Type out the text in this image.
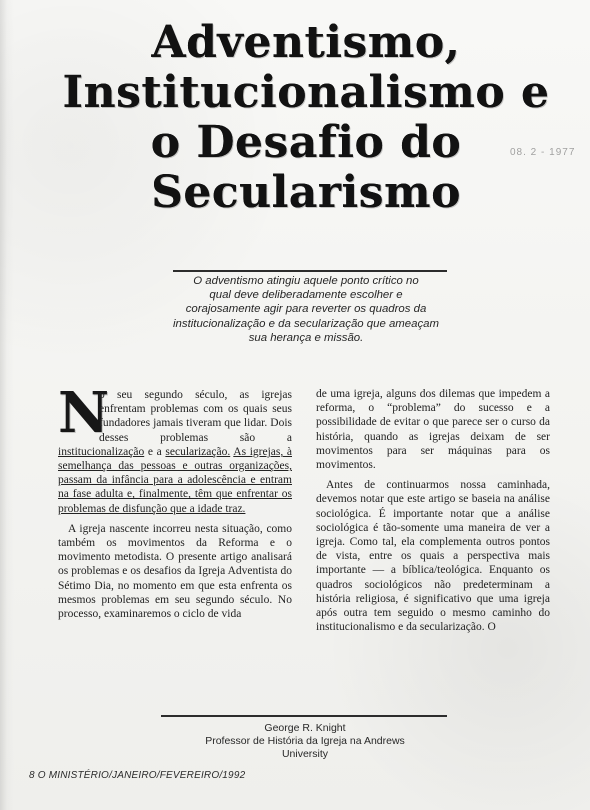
Adventismo,
Institucionalismo e
o Desafio do
Secularismo
08. 2 - 1977
O adventismo atingiu aquele ponto crítico no
qual deve deliberadamente escolher e
corajosamente agir para reverter os quadros da
institucionalização e da secularização que ameaçam
sua herança e missão.

N
o seu segundo século, as igrejas enfrentam problemas com os quais seus fundadores jamais tiveram que lidar. Dois desses problemas são a institucionalização e a secularização. As igrejas, à semelhança das pessoas e outras organizações, passam da infância para a adolescência e entram na fase adulta e, finalmente, têm que enfrentar os problemas de disfunção que a idade traz.

A igreja nascente incorreu nesta situação, como também os movimentos da Reforma e o movimento metodista. O presente artigo analisará os problemas e os desafios da Igreja Adventista do Sétimo Dia, no momento em que esta enfrenta os mesmos problemas em seu segundo século. No processo, examinaremos o ciclo de vida

de uma igreja, alguns dos dilemas que impedem a reforma, o “problema” do sucesso e a possibilidade de evitar o que parece ser o curso da história, quando as igrejas deixam de ser movimentos para ser máquinas para os movimentos.

Antes de continuarmos nossa caminhada, devemos notar que este artigo se baseia na análise sociológica. É importante notar que a análise sociológica é tão-somente uma maneira de ver a igreja. Como tal, ela complementa outros pontos de vista, entre os quais a perspectiva mais importante — a bíblica/teológica. Enquanto os quadros sociológicos não predeterminam a história religiosa, é significativo que uma igreja após outra tem seguido o mesmo caminho do institucionalismo e da secularização. O

George R. Knight
Professor de História da Igreja na Andrews
University
8 O MINISTÉRIO/JANEIRO/FEVEREIRO/1992
